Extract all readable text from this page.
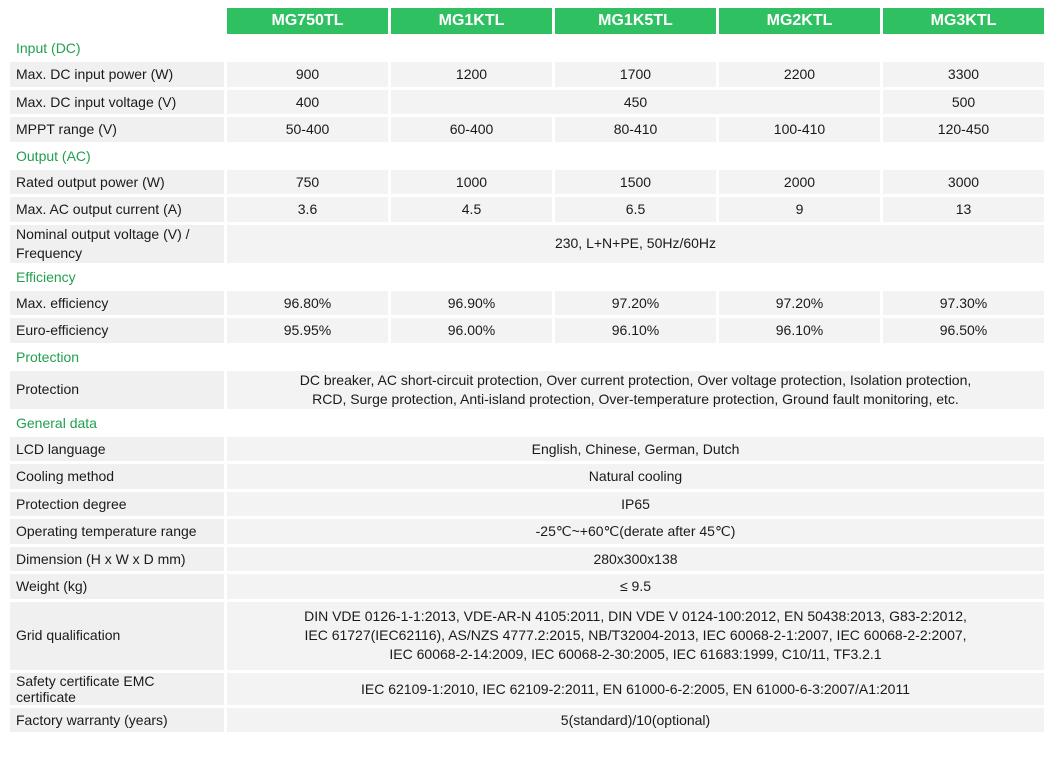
	MG750TL	MG1KTL	MG1K5TL	MG2KTL	MG3KTL
Input (DC)					
Max. DC input power (W)	900	1200	1700	2200	3300
Max. DC input voltage (V)	400	450			500
MPPT range (V)	50-400	60-400	80-410	100-410	120-450
Output (AC)					
Rated output power (W)	750	1000	1500	2000	3000
Max. AC output current (A)	3.6	4.5	6.5	9	13
Nominal output voltage (V) /
Frequency	230, L+N+PE, 50Hz/60Hz				
Efficiency					
Max. efficiency	96.80%	96.90%	97.20%	97.20%	97.30%
Euro-efficiency	95.95%	96.00%	96.10%	96.10%	96.50%
Protection					
Protection	DC breaker, AC short-circuit protection, Over current protection, Over voltage protection, Isolation protection,
RCD, Surge protection, Anti-island protection, Over-temperature protection, Ground fault monitoring, etc.				
General data					
LCD language	English, Chinese, German, Dutch				
Cooling method	Natural cooling				
Protection degree	IP65				
Operating temperature range	-25℃~+60℃(derate after 45℃)				
Dimension (H x W x D mm)	280x300x138				
Weight (kg)	≤ 9.5				
Grid qualification	DIN VDE 0126-1-1:2013, VDE-AR-N 4105:2011, DIN VDE V 0124-100:2012, EN 50438:2013, G83-2:2012,
IEC 61727(IEC62116), AS/NZS 4777.2:2015, NB/T32004-2013, IEC 60068-2-1:2007, IEC 60068-2-2:2007,
IEC 60068-2-14:2009, IEC 60068-2-30:2005, IEC 61683:1999, C10/11, TF3.2.1				
Safety certificate EMC certificate	IEC 62109-1:2010, IEC 62109-2:2011, EN 61000-6-2:2005, EN 61000-6-3:2007/A1:2011				
Factory warranty (years)	5(standard)/10(optional)				
